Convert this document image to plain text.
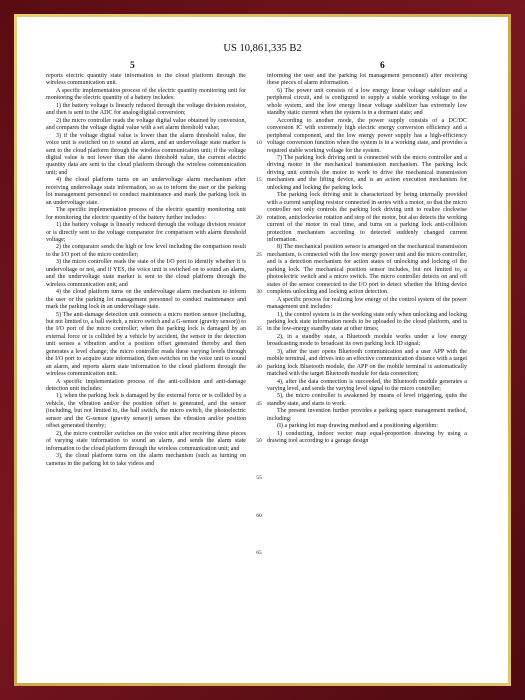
US 10,861,335 B2
5	6

reports electric quantity state information to the cloud platform through the wireless communication unit.

A specific implementation process of the electric quantity monitoring unit for monitoring the electric quantity of a battery includes:

1) the battery voltage is linearly reduced through the voltage division resistor, and then is sent to the ADC for analog/digital conversion;

2) the micro controller reads the voltage digital value obtained by conversion, and compares the voltage digital value with a set alarm threshold value;

3) if the voltage digital value is lower than the alarm threshold value, the voice unit is switched on to sound an alarm, and an undervoltage state marker is sent to the cloud platform through the wireless communication unit; if the voltage digital value is not lower than the alarm threshold value, the current electric quantity data are sent to the cloud platform through the wireless communication unit; and

4) the cloud platform turns on an undervoltage alarm mechanism after receiving undervoltage state information, so as to inform the user or the parking lot management personnel to conduct maintenance and mark the parking lock in an undervoltage state.

The specific implementation process of the electric quantity monitoring unit for monitoring the electric quantity of the battery further includes:

1) the battery voltage is linearly reduced through the voltage division resistor or is directly sent to the voltage comparator for comparison with alarm threshold voltage;

2) the comparator sends the high or low level including the comparison result to the I/O port of the micro controller;

3) the micro controller reads the state of the I/O port to identify whether it is undervoltage or not, and if YES, the voice unit is switched on to sound an alarm, and the undervoltage state marker is sent to the cloud platform through the wireless communication unit; and

4) the cloud platform turns on the undervoltage alarm mechanism to inform the user or the parking lot management personnel to conduct maintenance and mark the parking lock in an undervoltage state.

5) The anti-damage detection unit connects a micro motion sensor (including, but not limited to, a ball switch, a micro switch and a G-sensor (gravity sensor)) to the I/O port of the micro controller; when the parking lock is damaged by an external force or is collided by a vehicle by accident, the sensor in the detection unit senses a vibration and/or a position offset generated thereby and then generates a level change; the micro controller reads these varying levels through the I/O port to acquire state information, then switches on the voice unit to sound an alarm, and reports alarm state information to the cloud platform through the wireless communication unit.

A specific implementation process of the anti-collision and anti-damage detection unit includes:

1), when the parking lock is damaged by the external force or is collided by a vehicle, the vibration and/or the position offset is generated, and the sensor (including, but not limited to, the ball switch, the micro switch, the photoelectric sensor and the G-sensor (gravity sensor)) senses the vibration and/or position offset generated thereby;

2), the micro controller switches on the voice unit after receiving these pieces of varying state information to sound an alarm, and sends the alarm state information to the cloud platform through the wireless communication unit; and

3), the cloud platform turns on the alarm mechanism (such as turning on cameras in the parking lot to take videos and

10
15
20
25
30
35
40
45
50
55
60
65

informing the user and the parking lot management personnel) after receiving these pieces of alarm information.

6) The power unit consists of a low energy linear voltage stabilizer and a peripheral circuit, and is configured to supply a stable working voltage to the whole system, and the low energy linear voltage stabilizer has extremely low standby static current when the system is in a dormant state; and

According to another mode, the power supply consists of a DC/DC conversion IC with extremely high electric energy conversion efficiency and a peripheral component, and the low energy power supply has a high-efficiency voltage conversion function when the system is in a working state, and provides a required stable working voltage for the system.

7) The parking lock driving unit is connected with the micro controller and a driving motor in the mechanical transmission mechanism. The parking lock driving unit controls the motor to work to drive the mechanical transmission mechanism and the lifting device, and is an action execution mechanism for unlocking and locking the parking lock.

The parking lock driving unit is characterized by being internally provided with a current sampling resistor connected in series with a motor, so that the micro controller not only controls the parking lock driving unit to realize clockwise rotation, anticlockwise rotation and stop of the motor, but also detects the working current of the motor in real time, and turns on a parking lock anti-collision protection mechanism according to detected suddenly changed current information.

8) The mechanical position sensor is arranged on the mechanical transmission mechanism, is connected with the low energy power unit and the micro controller, and is a detection mechanism for action states of unlocking and locking of the parking lock. The mechanical position sensor includes, but not limited to, a photoelectric switch and a micro switch. The micro controller detects on and off states of the sensor connected to the I/O port to detect whether the lifting device completes unlocking and locking action detection.

A specific process for realizing low energy of the control system of the power management unit includes:

1), the control system is in the working state only when unlocking and locking parking lock state information needs to be uploaded to the cloud platform, and is in the low-energy standby state at other times;

2), in a standby state, a Bluetooth module works under a low energy broadcasting mode to broadcast its own parking lock ID signal;

3), after the user opens Bluetooth communication and a user APP with the mobile terminal, and drives into an effective communication distance with a target parking lock Bluetooth module, the APP on the mobile terminal is automatically matched with the target Bluetooth module for data connection;

4), after the data connection is succeeded, the Bluetooth module generates a varying level, and sends the varying level signal to the micro controller;

5), the micro controller is awakened by means of level triggering, quits the standby state, and starts to work.

The present invention further provides a parking space management method, including:

(I) a parking lot map drawing method and a positioning algorithm:

1) conducting, indoor vector map equal-proportion drawing by using a drawing tool according to a garage design
